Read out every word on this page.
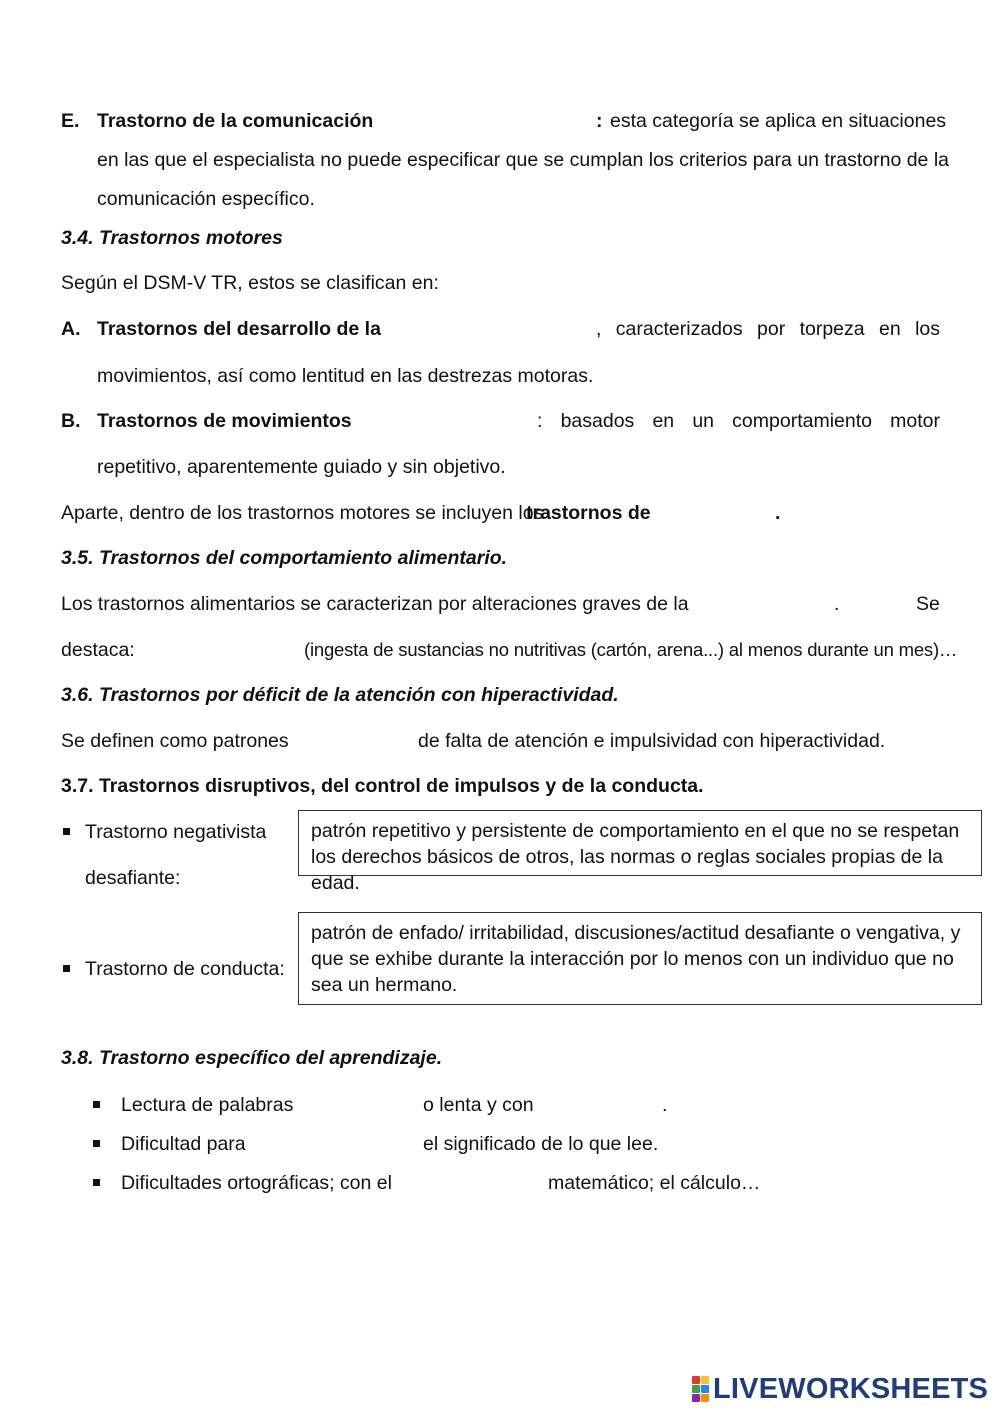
E. Trastorno de la comunicación	: esta categoría se aplica en situaciones
en las que el especialista no puede especificar que se cumplan los criterios para un trastorno de la
comunicación específico.
3.4. Trastornos motores
Según el DSM-V TR, estos se clasifican en:
A. Trastornos del desarrollo de la	, caracterizados por torpeza en los
movimientos, así como lentitud en las destrezas motoras.
B. Trastornos de movimientos	: basados en un comportamiento motor
repetitivo, aparentemente guiado y sin objetivo.
Aparte, dentro de los trastornos motores se incluyen los
trastornos de	.
3.5. Trastornos del comportamiento alimentario.
Los trastornos alimentarios se caracterizan por alteraciones graves de la	.	Se
destaca:	(ingesta de sustancias no nutritivas (cartón, arena...) al menos durante un mes)…
3.6. Trastornos por déficit de la atención con hiperactividad.
Se definen como patrones	de falta de atención e impulsividad con hiperactividad.
3.7. Trastornos disruptivos, del control de impulsos y de la conducta.
Trastorno negativista
desafiante:
patrón repetitivo y persistente de comportamiento en el que no se respetan los derechos básicos de otros, las normas o reglas sociales propias de la edad.
Trastorno de conducta:
patrón de enfado/ irritabilidad, discusiones/actitud desafiante o vengativa, y que se exhibe durante la interacción por lo menos con un individuo que no sea un hermano.
3.8. Trastorno específico del aprendizaje.
Lectura de palabras	o lenta y con	.
Dificultad para	el significado de lo que lee.
Dificultades ortográficas; con el	matemático; el cálculo…
LIVEWORKSHEETS
